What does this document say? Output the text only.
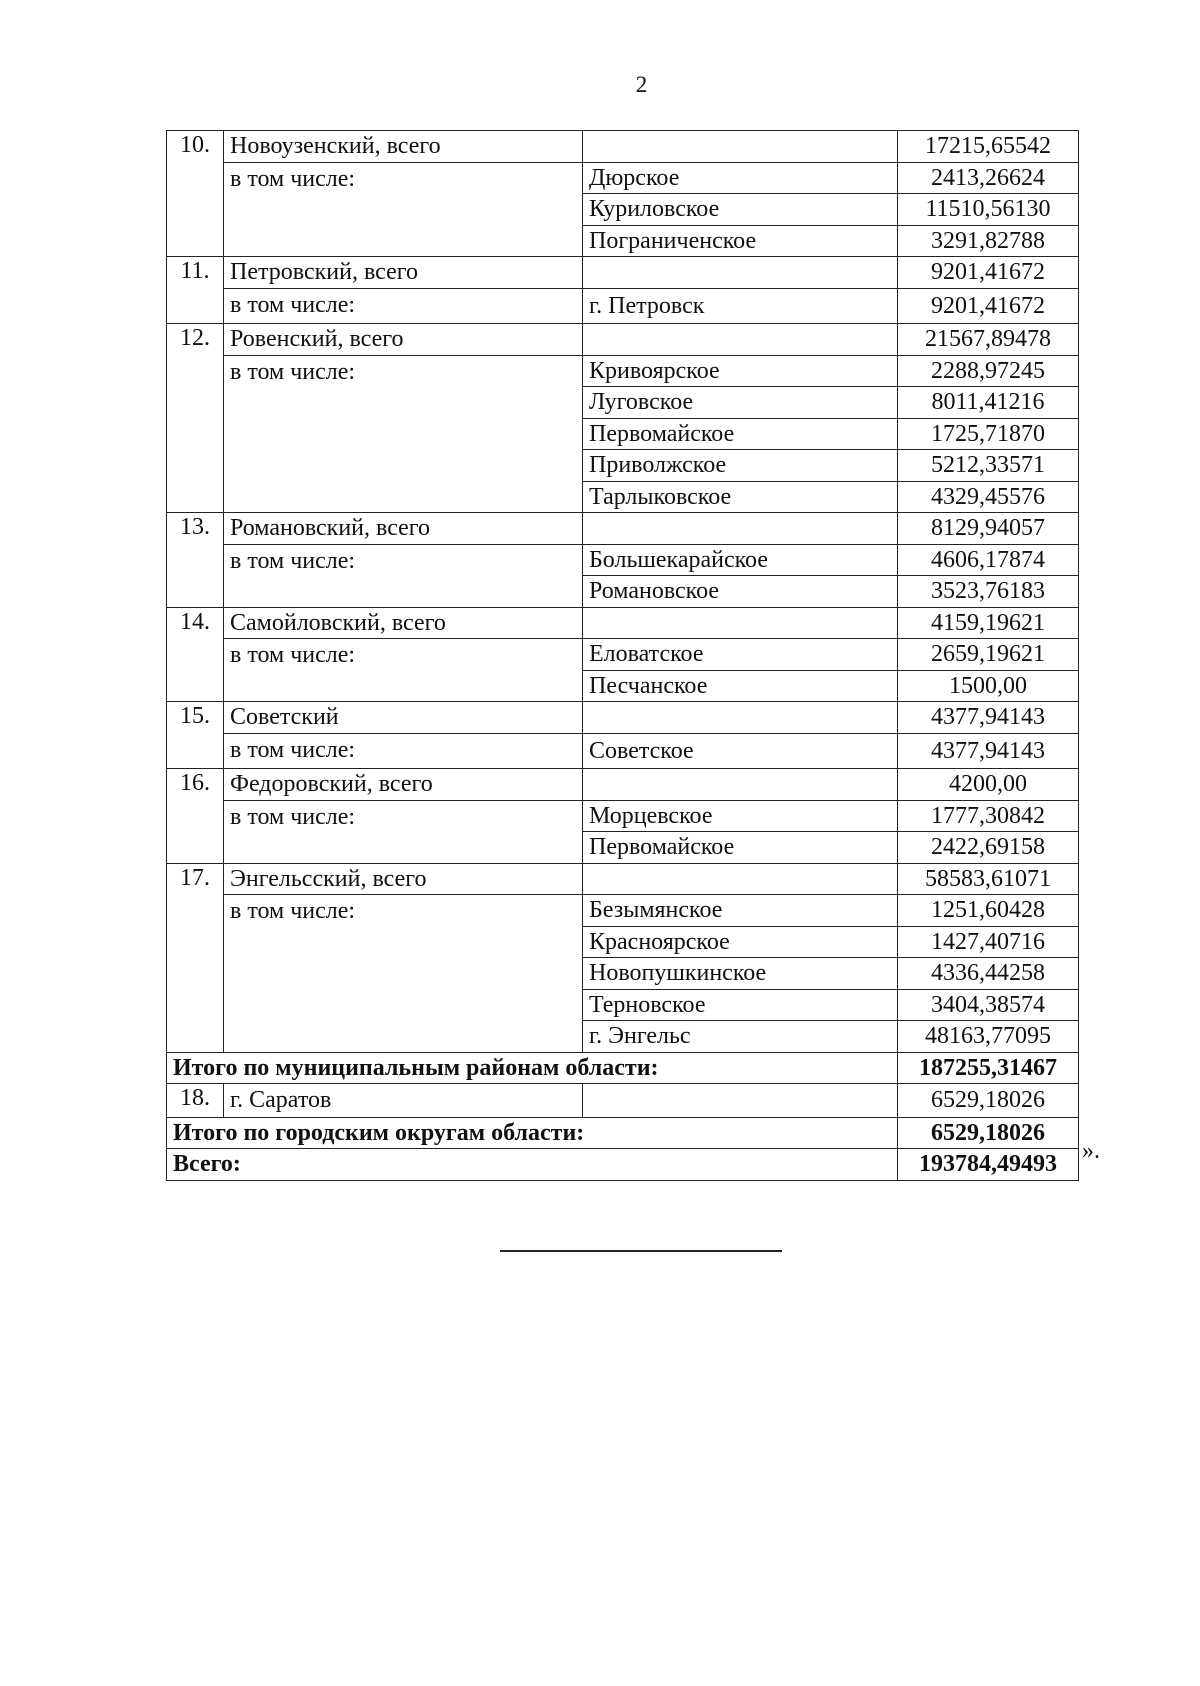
2
10.	Новоузенский, всего		17215,65542
	в том числе:	Дюрское	2413,26624
		Куриловское	11510,56130
		Пограниченское	3291,82788
11.	Петровский, всего		9201,41672
	в том числе:	г. Петровск	9201,41672
12.	Ровенский, всего		21567,89478
	в том числе:	Кривоярское	2288,97245
		Луговское	8011,41216
		Первомайское	1725,71870
		Приволжское	5212,33571
		Тарлыковское	4329,45576
13.	Романовский, всего		8129,94057
	в том числе:	Большекарайское	4606,17874
		Романовское	3523,76183
14.	Самойловский, всего		4159,19621
	в том числе:	Еловатское	2659,19621
		Песчанское	1500,00
15.	Советский		4377,94143
	в том числе:	Советское	4377,94143
16.	Федоровский, всего		4200,00
	в том числе:	Морцевское	1777,30842
		Первомайское	2422,69158
17.	Энгельсский, всего		58583,61071
	в том числе:	Безымянское	1251,60428
		Красноярское	1427,40716
		Новопушкинское	4336,44258
		Терновское	3404,38574
		г. Энгельс	48163,77095
Итого по муниципальным районам области:			187255,31467
18.	г. Саратов		6529,18026
Итого по городским округам области:			6529,18026
Всего:			193784,49493
».
